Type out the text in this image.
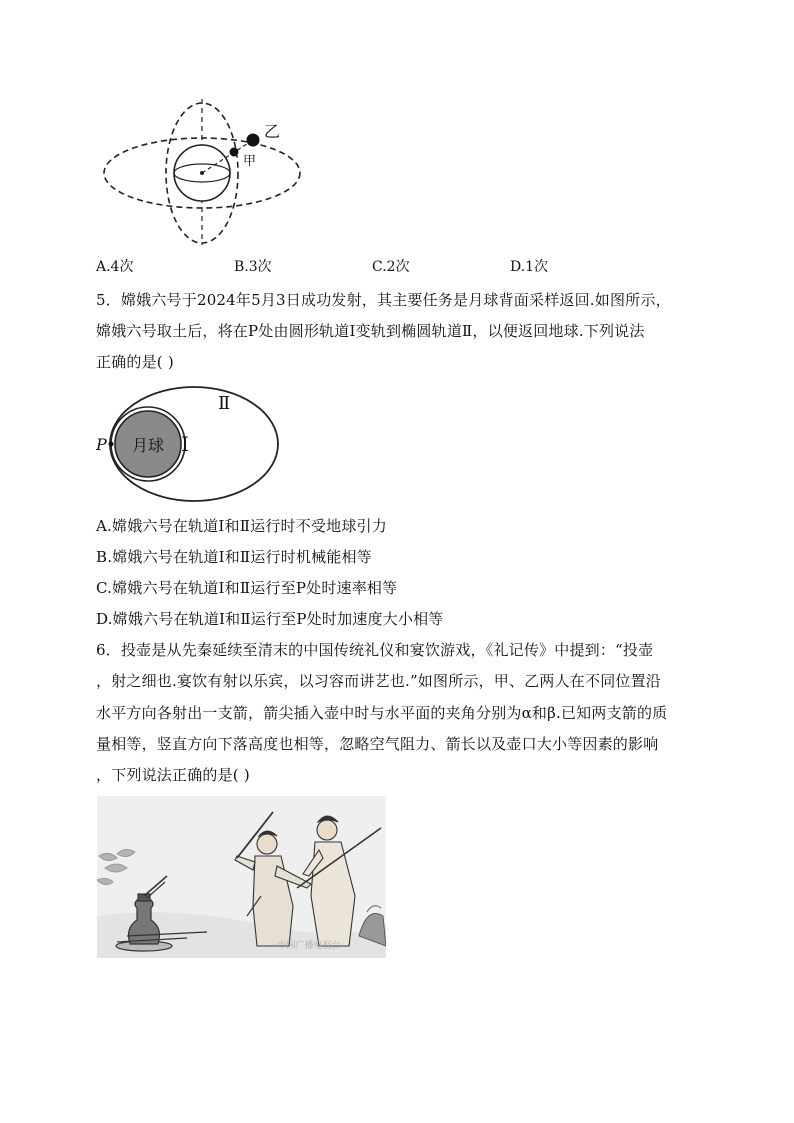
乙
甲
A.4次	B.3次	C.2次	D.1次
5．嫦娥六号于2024年5月3日成功发射，其主要任务是月球背面采样返回.如图所示，
嫦娥六号取土后，将在P处由圆形轨道Ⅰ变轨到椭圆轨道Ⅱ，以便返回地球.下列说法
正确的是( )
P 月球 Ⅰ
Ⅱ
A.嫦娥六号在轨道Ⅰ和Ⅱ运行时不受地球引力
B.嫦娥六号在轨道Ⅰ和Ⅱ运行时机械能相等
C.嫦娥六号在轨道Ⅰ和Ⅱ运行至P处时速率相等
D.嫦娥六号在轨道Ⅰ和Ⅱ运行至P处时加速度大小相等
6．投壶是从先秦延续至清末的中国传统礼仪和宴饮游戏，《礼记传》中提到：“投壶
，射之细也.宴饮有射以乐宾，以习容而讲艺也.”如图所示，甲、乙两人在不同位置沿
水平方向各射出一支箭，箭尖插入壶中时与水平面的夹角分别为α和β.已知两支箭的质
量相等，竖直方向下落高度也相等，忽略空气阻力、箭长以及壶口大小等因素的影响
，下列说法正确的是( )
中国广播电视台
